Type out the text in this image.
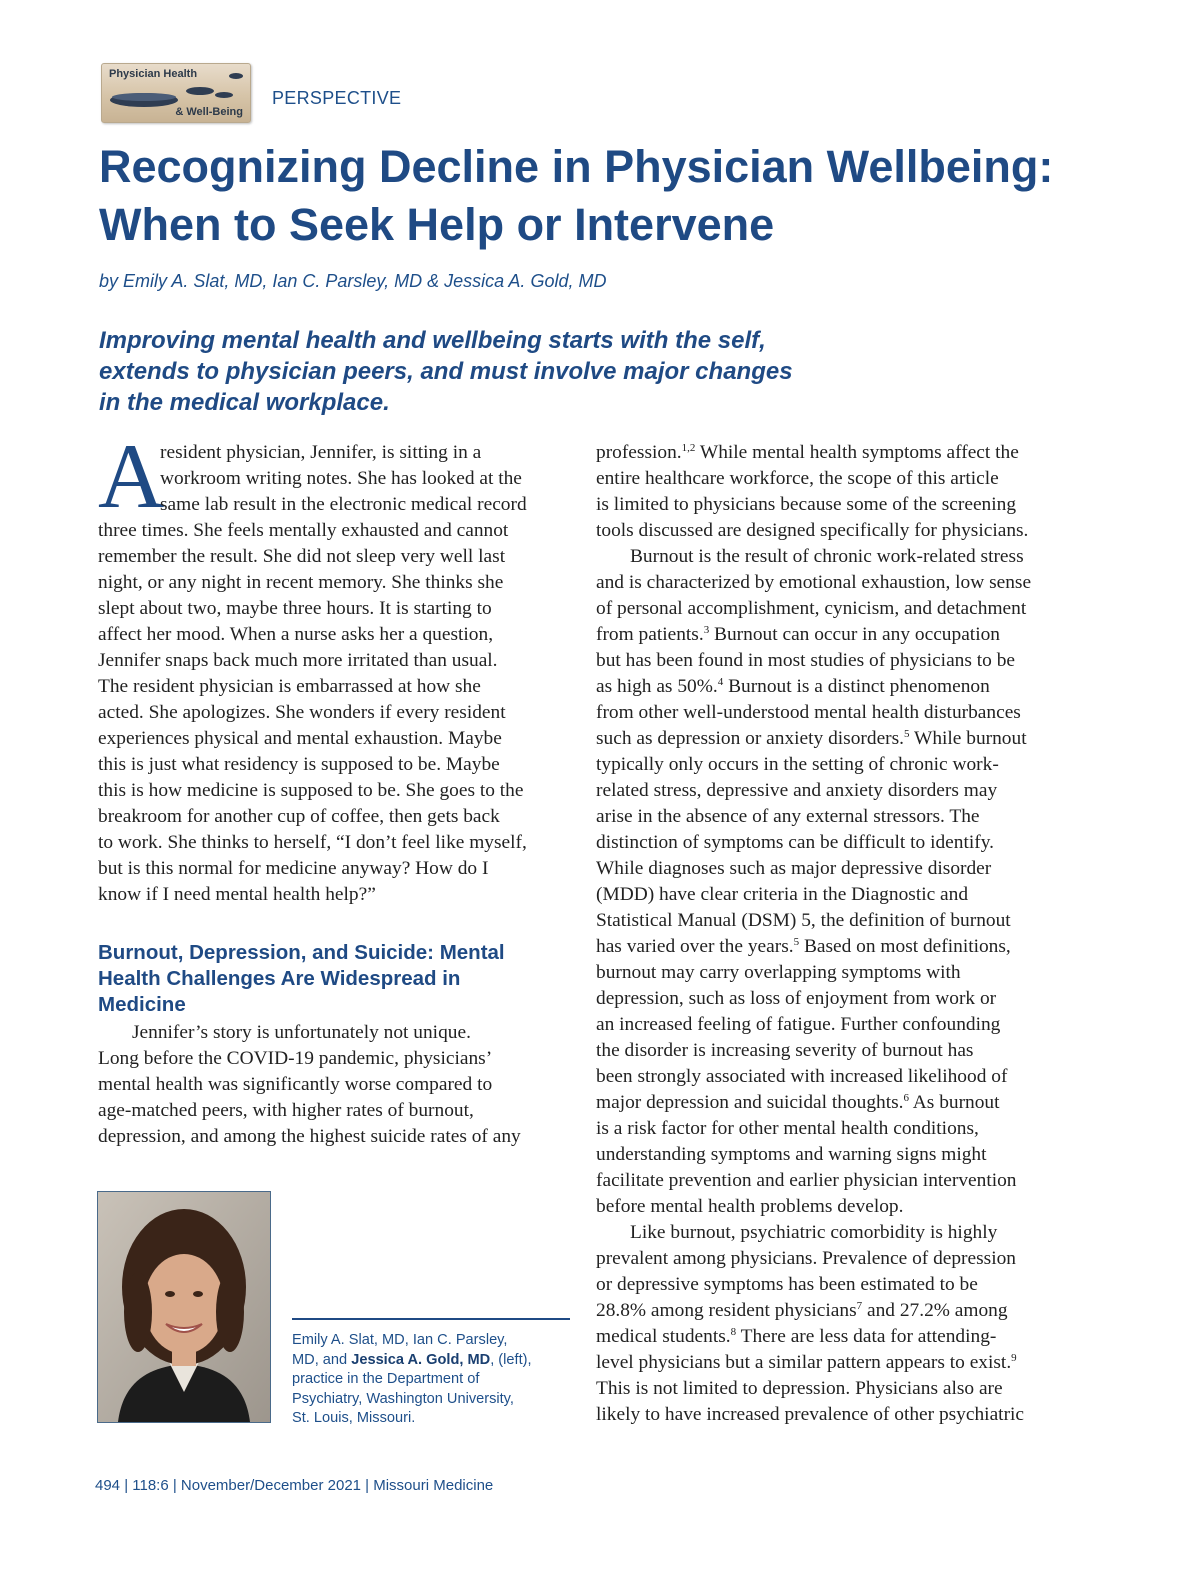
Physician Health
& Well-Being
PERSPECTIVE
Recognizing Decline in Physician Wellbeing:
When to Seek Help or Intervene
by Emily A. Slat, MD, Ian C. Parsley, MD & Jessica A. Gold, MD
Improving mental health and wellbeing starts with the self,
extends to physician peers, and must involve major changes
in the medical workplace.
A
resident physician, Jennifer, is sitting in a
workroom writing notes. She has looked at the
same lab result in the electronic medical record
three times. She feels mentally exhausted and cannot
remember the result. She did not sleep very well last
night, or any night in recent memory. She thinks she
slept about two, maybe three hours. It is starting to
affect her mood. When a nurse asks her a question,
Jennifer snaps back much more irritated than usual.
The resident physician is embarrassed at how she
acted. She apologizes. She wonders if every resident
experiences physical and mental exhaustion. Maybe
this is just what residency is supposed to be. Maybe
this is how medicine is supposed to be. She goes to the
breakroom for another cup of coffee, then gets back
to work. She thinks to herself, “I don’t feel like myself,
but is this normal for medicine anyway? How do I
know if I need mental health help?”
Burnout, Depression, and Suicide: Mental
Health Challenges Are Widespread in
Medicine
Jennifer’s story is unfortunately not unique.
Long before the COVID-19 pandemic, physicians’
mental health was significantly worse compared to
age-matched peers, with higher rates of burnout,
depression, and among the highest suicide rates of any
Emily A. Slat, MD, Ian C. Parsley,
MD, and Jessica A. Gold, MD, (left),
practice in the Department of
Psychiatry, Washington University,
St. Louis, Missouri.
profession.$^{1,2}$ While mental health symptoms affect the
entire healthcare workforce, the scope of this article
is limited to physicians because some of the screening
tools discussed are designed specifically for physicians.
Burnout is the result of chronic work-related stress
and is characterized by emotional exhaustion, low sense
of personal accomplishment, cynicism, and detachment
from patients.$^3$ Burnout can occur in any occupation
but has been found in most studies of physicians to be
as high as 50%.$^4$ Burnout is a distinct phenomenon
from other well-understood mental health disturbances
such as depression or anxiety disorders.$^5$ While burnout
typically only occurs in the setting of chronic work-
related stress, depressive and anxiety disorders may
arise in the absence of any external stressors. The
distinction of symptoms can be difficult to identify.
While diagnoses such as major depressive disorder
(MDD) have clear criteria in the Diagnostic and
Statistical Manual (DSM) 5, the definition of burnout
has varied over the years.$^5$ Based on most definitions,
burnout may carry overlapping symptoms with
depression, such as loss of enjoyment from work or
an increased feeling of fatigue. Further confounding
the disorder is increasing severity of burnout has
been strongly associated with increased likelihood of
major depression and suicidal thoughts.$^6$ As burnout
is a risk factor for other mental health conditions,
understanding symptoms and warning signs might
facilitate prevention and earlier physician intervention
before mental health problems develop.
Like burnout, psychiatric comorbidity is highly
prevalent among physicians. Prevalence of depression
or depressive symptoms has been estimated to be
28.8% among resident physicians$^7$ and 27.2% among
medical students.$^8$ There are less data for attending-
level physicians but a similar pattern appears to exist.$^9$
This is not limited to depression. Physicians also are
likely to have increased prevalence of other psychiatric
494 | 118:6 | November/December 2021 | Missouri Medicine
